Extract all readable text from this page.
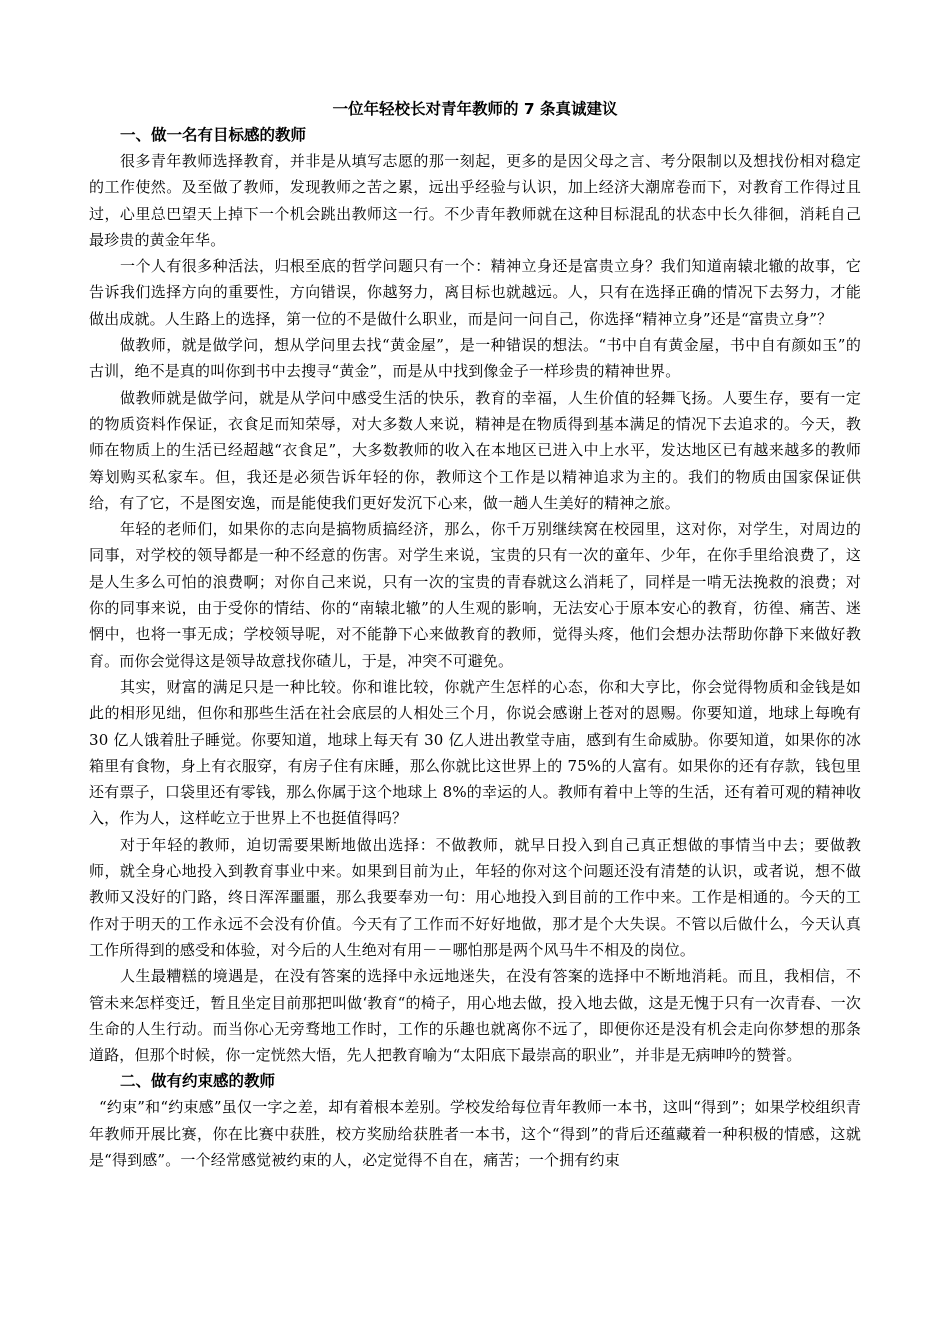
一位年轻校长对青年教师的 7 条真诚建议
一、做一名有目标感的教师

很多青年教师选择教育，并非是从填写志愿的那一刻起，更多的是因父母之言、考分限制以及想找份相对稳定的工作使然。及至做了教师，发现教师之苦之累，远出乎经验与认识，加上经济大潮席卷而下，对教育工作得过且过，心里总巴望天上掉下一个机会跳出教师这一行。不少青年教师就在这种目标混乱的状态中长久徘徊，消耗自己最珍贵的黄金年华。

一个人有很多种活法，归根至底的哲学问题只有一个：精神立身还是富贵立身？我们知道南辕北辙的故事，它告诉我们选择方向的重要性，方向错误，你越努力，离目标也就越远。人，只有在选择正确的情况下去努力，才能做出成就。人生路上的选择，第一位的不是做什么职业，而是问一问自己，你选择“精神立身”还是“富贵立身”？

做教师，就是做学问，想从学问里去找“黄金屋”，是一种错误的想法。“书中自有黄金屋，书中自有颜如玉”的古训，绝不是真的叫你到书中去搜寻“黄金”，而是从中找到像金子一样珍贵的精神世界。

做教师就是做学问，就是从学问中感受生活的快乐，教育的幸福，人生价值的轻舞飞扬。人要生存，要有一定的物质资料作保证，衣食足而知荣辱，对大多数人来说，精神是在物质得到基本满足的情况下去追求的。今天，教师在物质上的生活已经超越“衣食足”，大多数教师的收入在本地区已进入中上水平，发达地区已有越来越多的教师筹划购买私家车。但，我还是必须告诉年轻的你，教师这个工作是以精神追求为主的。我们的物质由国家保证供给，有了它，不是图安逸，而是能使我们更好发沉下心来，做一趟人生美好的精神之旅。

年轻的老师们，如果你的志向是搞物质搞经济，那么，你千万别继续窝在校园里，这对你，对学生，对周边的同事，对学校的领导都是一种不经意的伤害。对学生来说，宝贵的只有一次的童年、少年，在你手里给浪费了，这是人生多么可怕的浪费啊；对你自己来说，只有一次的宝贵的青春就这么消耗了，同样是一啃无法挽救的浪费；对你的同事来说，由于受你的情结、你的“南辕北辙”的人生观的影响，无法安心于原本安心的教育，彷徨、痛苦、迷惘中，也将一事无成；学校领导呢，对不能静下心来做教育的教师，觉得头疼，他们会想办法帮助你静下来做好教育。而你会觉得这是领导故意找你碴儿，于是，冲突不可避免。

其实，财富的满足只是一种比较。你和谁比较，你就产生怎样的心态，你和大亨比，你会觉得物质和金钱是如此的相形见绌，但你和那些生活在社会底层的人相处三个月，你说会感谢上苍对的恩赐。你要知道，地球上每晚有 30 亿人饿着肚子睡觉。你要知道，地球上每天有 30 亿人进出教堂寺庙，感到有生命威胁。你要知道，如果你的冰箱里有食物，身上有衣服穿，有房子住有床睡，那么你就比这世界上的 75%的人富有。如果你的还有存款，钱包里还有票子，口袋里还有零钱，那么你属于这个地球上 8%的幸运的人。教师有着中上等的生活，还有着可观的精神收入，作为人，这样屹立于世界上不也挺值得吗？

对于年轻的教师，迫切需要果断地做出选择：不做教师，就早日投入到自己真正想做的事情当中去；要做教师，就全身心地投入到教育事业中来。如果到目前为止，年轻的你对这个问题还没有清楚的认识，或者说，想不做教师又没好的门路，终日浑浑噩噩，那么我要奉劝一句：用心地投入到目前的工作中来。工作是相通的。今天的工作对于明天的工作永远不会没有价值。今天有了工作而不好好地做，那才是个大失误。不管以后做什么，今天认真工作所得到的感受和体验，对今后的人生绝对有用－－哪怕那是两个风马牛不相及的岗位。

人生最糟糕的境遇是，在没有答案的选择中永远地迷失，在没有答案的选择中不断地消耗。而且，我相信，不管未来怎样变迁，暂且坐定目前那把叫做‘教育“的椅子，用心地去做，投入地去做，这是无愧于只有一次青春、一次生命的人生行动。而当你心无旁骛地工作时，工作的乐趣也就离你不远了，即便你还是没有机会走向你梦想的那条道路，但那个时候，你一定恍然大悟，先人把教育喻为“太阳底下最崇高的职业”，并非是无病呻吟的赞誉。

二、做有约束感的教师

“约束”和“约束感”虽仅一字之差，却有着根本差别。学校发给每位青年教师一本书，这叫“得到”；如果学校组织青年教师开展比赛，你在比赛中获胜，校方奖励给获胜者一本书，这个“得到”的背后还蕴藏着一种积极的情感，这就是“得到感”。一个经常感觉被约束的人，必定觉得不自在，痛苦；一个拥有约束
